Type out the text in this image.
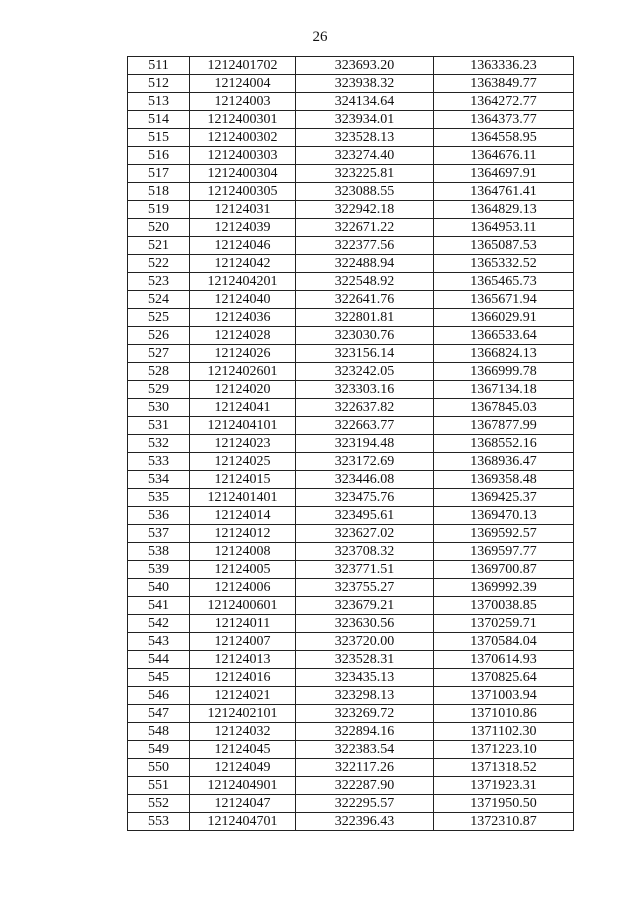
26
511	1212401702	323693.20	1363336.23
512	12124004	323938.32	1363849.77
513	12124003	324134.64	1364272.77
514	1212400301	323934.01	1364373.77
515	1212400302	323528.13	1364558.95
516	1212400303	323274.40	1364676.11
517	1212400304	323225.81	1364697.91
518	1212400305	323088.55	1364761.41
519	12124031	322942.18	1364829.13
520	12124039	322671.22	1364953.11
521	12124046	322377.56	1365087.53
522	12124042	322488.94	1365332.52
523	1212404201	322548.92	1365465.73
524	12124040	322641.76	1365671.94
525	12124036	322801.81	1366029.91
526	12124028	323030.76	1366533.64
527	12124026	323156.14	1366824.13
528	1212402601	323242.05	1366999.78
529	12124020	323303.16	1367134.18
530	12124041	322637.82	1367845.03
531	1212404101	322663.77	1367877.99
532	12124023	323194.48	1368552.16
533	12124025	323172.69	1368936.47
534	12124015	323446.08	1369358.48
535	1212401401	323475.76	1369425.37
536	12124014	323495.61	1369470.13
537	12124012	323627.02	1369592.57
538	12124008	323708.32	1369597.77
539	12124005	323771.51	1369700.87
540	12124006	323755.27	1369992.39
541	1212400601	323679.21	1370038.85
542	12124011	323630.56	1370259.71
543	12124007	323720.00	1370584.04
544	12124013	323528.31	1370614.93
545	12124016	323435.13	1370825.64
546	12124021	323298.13	1371003.94
547	1212402101	323269.72	1371010.86
548	12124032	322894.16	1371102.30
549	12124045	322383.54	1371223.10
550	12124049	322117.26	1371318.52
551	1212404901	322287.90	1371923.31
552	12124047	322295.57	1371950.50
553	1212404701	322396.43	1372310.87
